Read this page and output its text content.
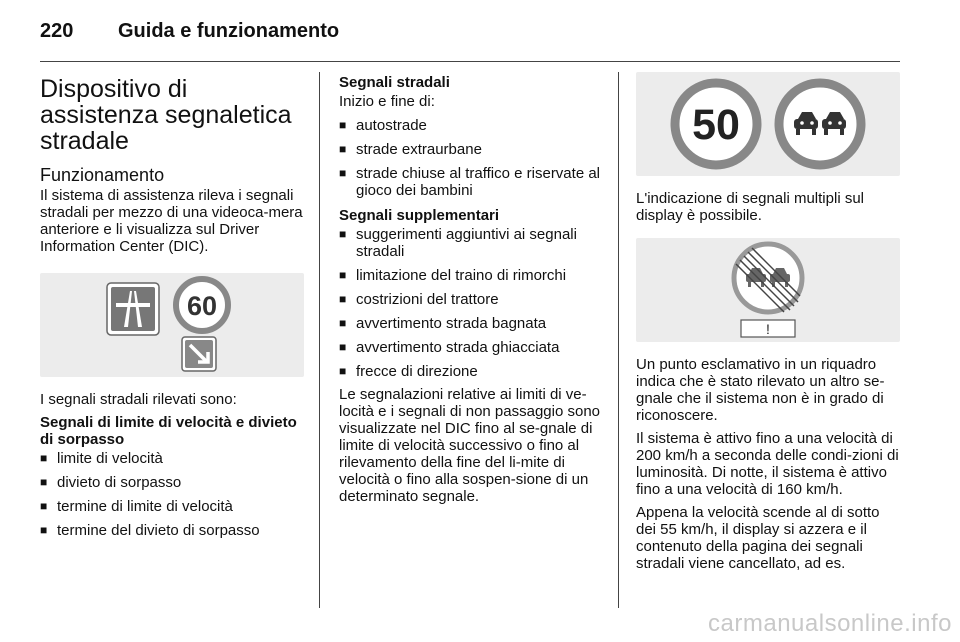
220	Guida e funzionamento
Dispositivo di assistenza segnaletica stradale
Funzionamento

Il sistema di assistenza rileva i segnali stradali per mezzo di una videoca-mera anteriore e li visualizza sul Driver Information Center (DIC).

60

I segnali stradali rilevati sono:

Segnali di limite di velocità e divieto di sorpasso

■ limite di velocità
■ divieto di sorpasso
■ termine di limite di velocità
■ termine del divieto di sorpasso

Segnali stradali

Inizio e fine di:

■ autostrade
■ strade extraurbane
■ strade chiuse al traffico e riservate al gioco dei bambini

Segnali supplementari

■ suggerimenti aggiuntivi ai segnali stradali
■ limitazione del traino di rimorchi
■ costrizioni del trattore
■ avvertimento strada bagnata
■ avvertimento strada ghiacciata
■ frecce di direzione

Le segnalazioni relative ai limiti di ve-locità e i segnali di non passaggio sono visualizzate nel DIC fino al se-gnale di limite di velocità successivo o fino al rilevamento della fine del li-mite di velocità o fino alla sospen-sione di un determinato segnale.

50

L'indicazione di segnali multipli sul display è possibile.

!

Un punto esclamativo in un riquadro indica che è stato rilevato un altro se-gnale che il sistema non è in grado di riconoscere.

Il sistema è attivo fino a una velocità di 200 km/h a seconda delle condi-zioni di luminosità. Di notte, il sistema è attivo fino a una velocità di 160 km/h.

Appena la velocità scende al di sotto dei 55 km/h, il display si azzera e il contenuto della pagina dei segnali stradali viene cancellato, ad es.

carmanualsonline.info
